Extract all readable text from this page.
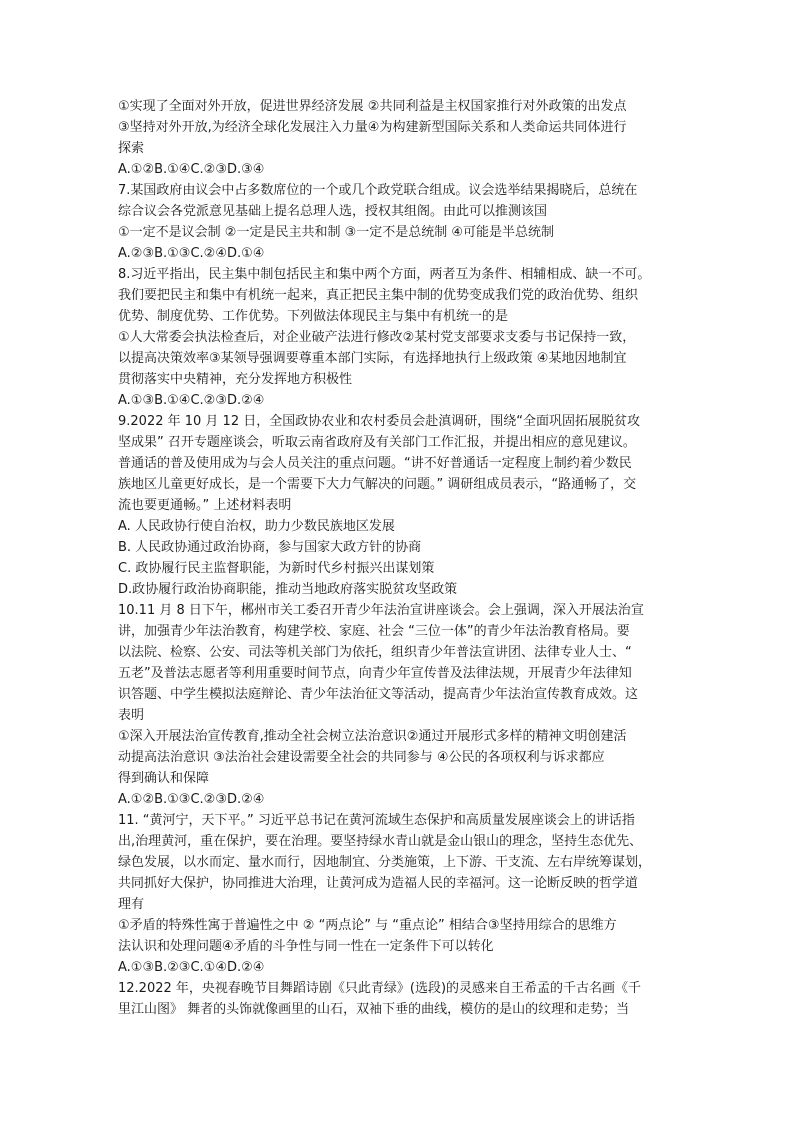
①实现了全面对外开放，促进世界经济发展 ②共同利益是主权国家推行对外政策的出发点
③坚持对外开放,为经济全球化发展注入力量④为构建新型国际关系和人类命运共同体进行
探索
A.①②B.①④C.②③D.③④
7.某国政府由议会中占多数席位的一个或几个政党联合组成。议会选举结果揭晓后，总统在
综合议会各党派意见基础上提名总理人选，授权其组阁。由此可以推测该国
①一定不是议会制 ②一定是民主共和制 ③一定不是总统制 ④可能是半总统制
A.②③B.①③C.②④D.①④
8.习近平指出，民主集中制包括民主和集中两个方面，两者互为条件、相辅相成、缺一不可。
我们要把民主和集中有机统一起来，真正把民主集中制的优势变成我们党的政治优势、组织
优势、制度优势、工作优势。下列做法体现民主与集中有机统一的是
①人大常委会执法检查后，对企业破产法进行修改②某村党支部要求支委与书记保持一致，
以提高决策效率③某领导强调要尊重本部门实际，有选择地执行上级政策 ④某地因地制宜
贯彻落实中央精神，充分发挥地方积极性
A.①③B.①④C.②③D.②④
9.2022 年 10 月 12 日，全国政协农业和农村委员会赴滇调研，围绕“全面巩固拓展脱贫攻
坚成果” 召开专题座谈会，听取云南省政府及有关部门工作汇报，并提出相应的意见建议。
普通话的普及使用成为与会人员关注的重点问题。“讲不好普通话一定程度上制约着少数民
族地区儿童更好成长，是一个需要下大力气解决的问题。” 调研组成员表示，“路通畅了，交
流也要更通畅。” 上述材料表明
A. 人民政协行使自治权，助力少数民族地区发展
B. 人民政协通过政治协商，参与国家大政方针的协商
C. 政协履行民主监督职能，为新时代乡村振兴出谋划策
D.政协履行政治协商职能，推动当地政府落实脱贫攻坚政策
10.11 月 8 日下午，郴州市关工委召开青少年法治宣讲座谈会。会上强调，深入开展法治宣
讲，加强青少年法治教育，构建学校、家庭、社会 “三位一体”的青少年法治教育格局。要
以法院、检察、公安、司法等机关部门为依托，组织青少年普法宣讲团、法律专业人士、“
五老”及普法志愿者等利用重要时间节点，向青少年宣传普及法律法规，开展青少年法律知
识答题、中学生模拟法庭辩论、青少年法治征文等活动，提高青少年法治宣传教育成效。这
表明
①深入开展法治宣传教育,推动全社会树立法治意识②通过开展形式多样的精神文明创建活
动提高法治意识 ③法治社会建设需要全社会的共同参与 ④公民的各项权利与诉求都应
得到确认和保障
A.①②B.①③C.②③D.②④
11. “黄河宁，天下平。” 习近平总书记在黄河流域生态保护和高质量发展座谈会上的讲话指
出,治理黄河，重在保护，要在治理。要坚持绿水青山就是金山银山的理念，坚持生态优先、
绿色发展，以水而定、量水而行，因地制宜、分类施策，上下游、干支流、左右岸统筹谋划，
共同抓好大保护，协同推进大治理，让黄河成为造福人民的幸福河。这一论断反映的哲学道
理有
①矛盾的特殊性寓于普遍性之中 ② “两点论” 与 “重点论” 相结合③坚持用综合的思维方
法认识和处理问题④矛盾的斗争性与同一性在一定条件下可以转化
A.①③B.②③C.①④D.②④
12.2022 年，央视春晚节目舞蹈诗剧《只此青绿》(选段)的灵感来自王希孟的千古名画《千
里江山图》 舞者的头饰就像画里的山石，双袖下垂的曲线，模仿的是山的纹理和走势；当
